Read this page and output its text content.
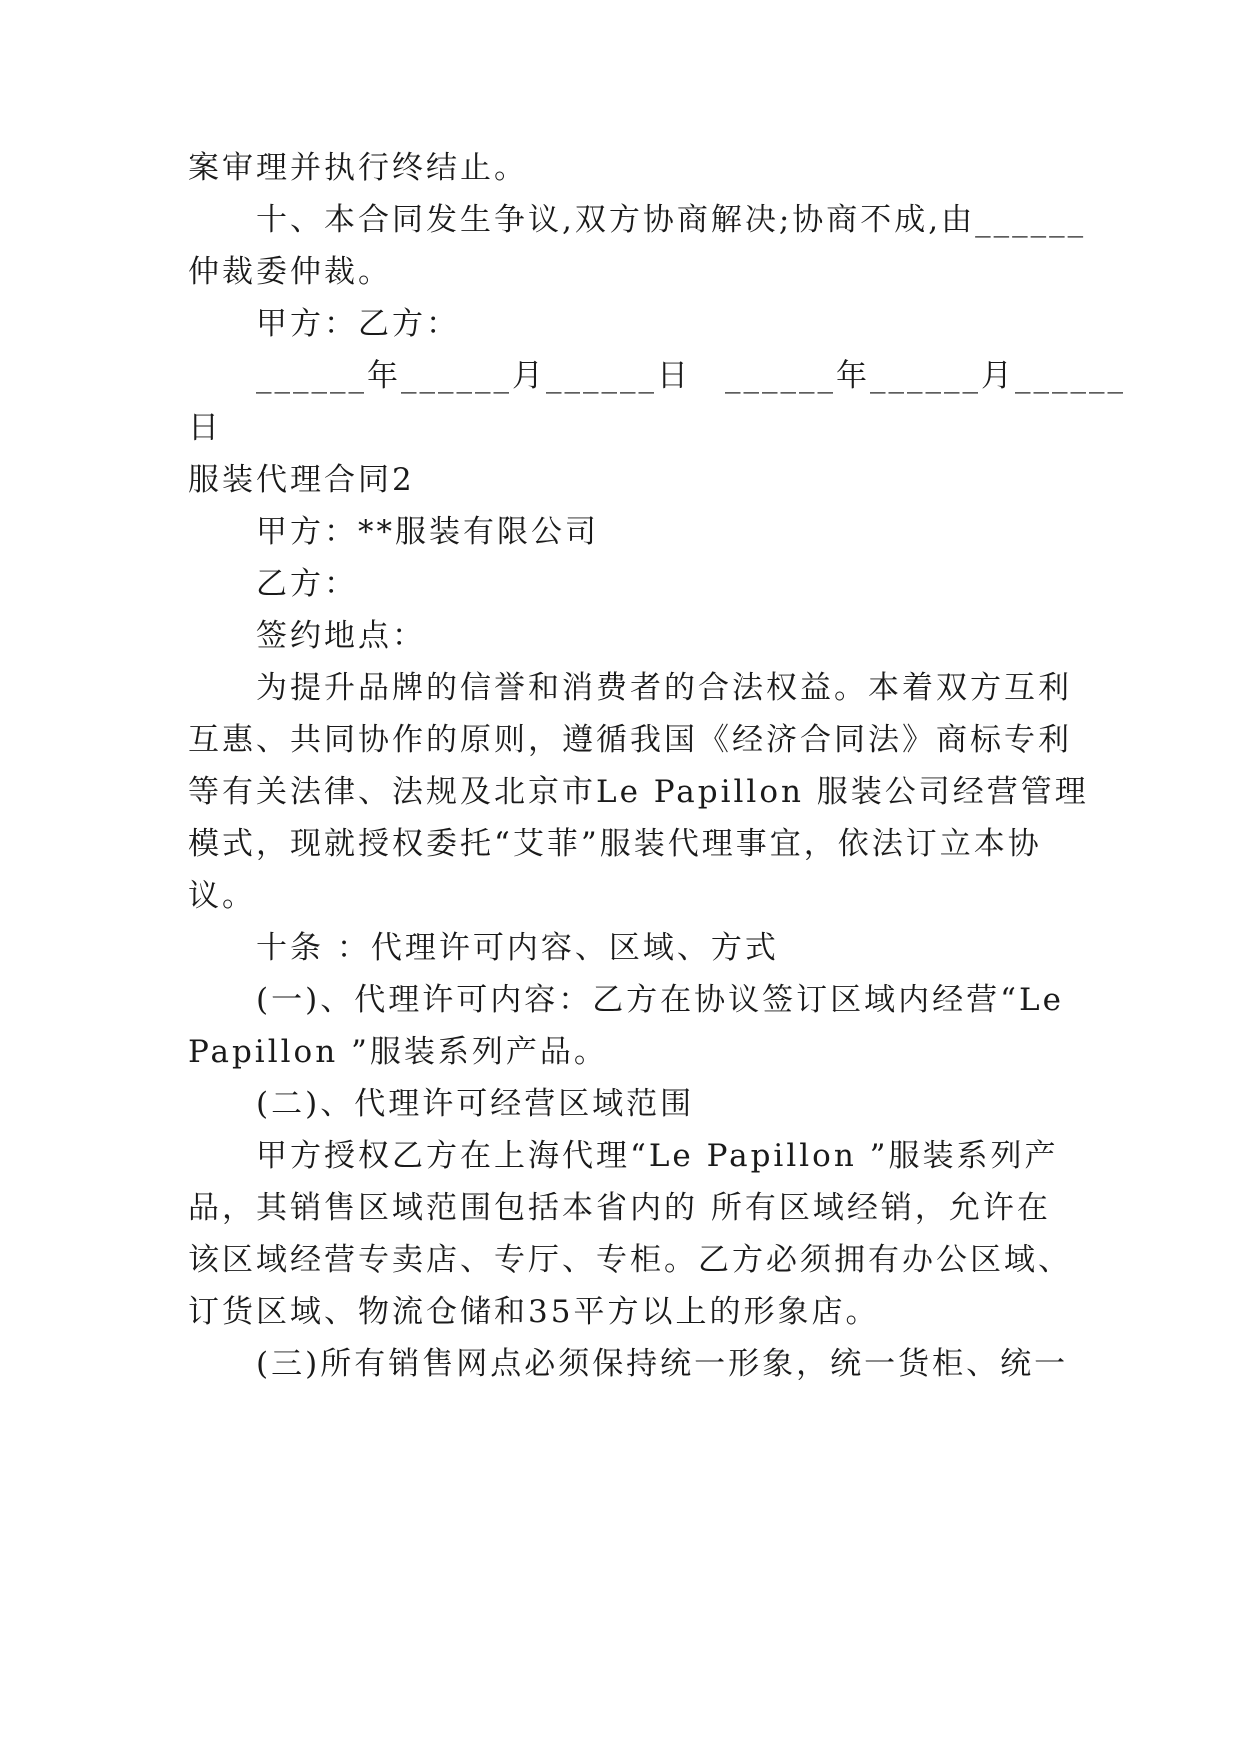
案审理并执行终结止。
十、本合同发生争议,双方协商解决;协商不成,由______
仲裁委仲裁。
甲方：乙方：
______年______月______日　______年______月______
日
服装代理合同2
甲方：**服装有限公司
乙方：
签约地点：
为提升品牌的信誉和消费者的合法权益。本着双方互利
互惠、共同协作的原则，遵循我国《经济合同法》商标专利
等有关法律、法规及北京市Le Papillon 服装公司经营管理
模式，现就授权委托“艾菲”服装代理事宜，依法订立本协
议。
十条 ：代理许可内容、区域、方式
(一)、代理许可内容：乙方在协议签订区域内经营“Le
Papillon ”服装系列产品。
(二)、代理许可经营区域范围
甲方授权乙方在上海代理“Le Papillon ”服装系列产
品，其销售区域范围包括本省内的 所有区域经销，允许在
该区域经营专卖店、专厅、专柜。乙方必须拥有办公区域、
订货区域、物流仓储和35平方以上的形象店。
(三)所有销售网点必须保持统一形象，统一货柜、统一
